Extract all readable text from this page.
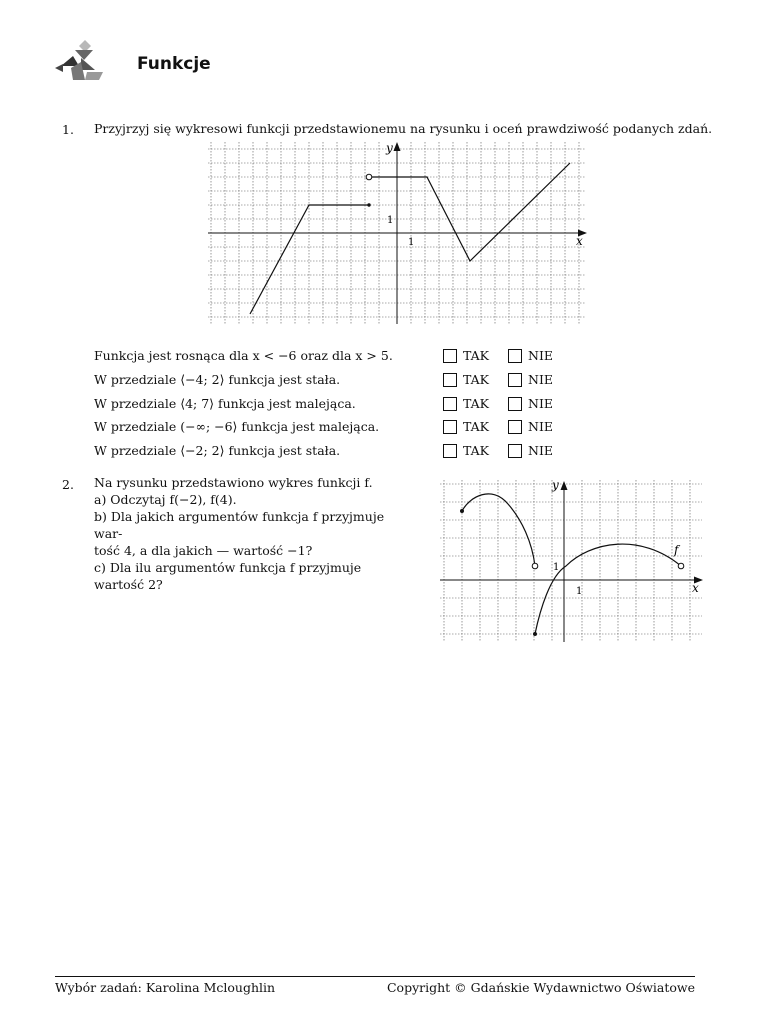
Funkcje
1. Przyjrzyj się wykresowi funkcji przedstawionemu na rysunku i oceń prawdziwość podanych zdań.
x
y
1
1
Funkcja jest rosnąca dla x < −6 oraz dla x > 5.	TAK	NIE
W przedziale ⟨−4; 2⟩ funkcja jest stała.	TAK	NIE
W przedziale ⟨4; 7⟩ funkcja jest malejąca.	TAK	NIE
W przedziale (−∞; −6⟩ funkcja jest malejąca.	TAK	NIE
W przedziale ⟨−2; 2⟩ funkcja jest stała.	TAK	NIE
2. Na rysunku przedstawiono wykres funkcji f.
a) Odczytaj f(−2), f(4).
b) Dla jakich argumentów funkcja f przyjmuje war-
tość 4, a dla jakich — wartość −1?
c) Dla ilu argumentów funkcja f przyjmuje wartość 2?	x
y
1
1
f
Wybór zadań: Karolina Mcloughlin	Copyright © Gdańskie Wydawnictwo Oświatowe
